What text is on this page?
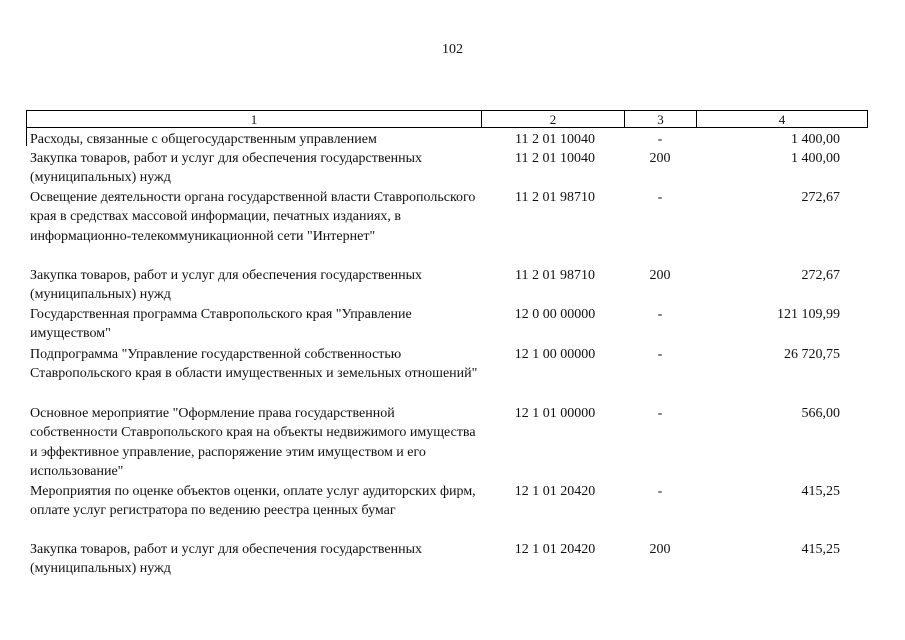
102
1	2	3	4
Расходы, связанные с общегосударственным управлением	11 2 01 10040	-	1 400,00
Закупка товаров, работ и услуг для обеспечения государственных (муниципальных) нужд
11 2 01 10040	200	1 400,00
Освещение деятельности органа государственной власти Ставропольского края в средствах массовой информации, печатных изданиях, в информационно-телекоммуникационной сети "Интернет"
11 2 01 98710	-	272,67
Закупка товаров, работ и услуг для обеспечения государственных (муниципальных) нужд
11 2 01 98710	200	272,67
Государственная программа Ставропольского края "Управление имуществом"
12 0 00 00000	-	121 109,99
Подпрограмма "Управление государственной собственностью Ставропольского края в области имущественных и земельных отношений"
12 1 00 00000	-	26 720,75
Основное мероприятие "Оформление права государственной собственности Ставропольского края на объекты недвижимого имущества и эффективное управление, распоряжение этим имуществом и его использование"
12 1 01 00000	-	566,00
Мероприятия по оценке объектов оценки, оплате услуг аудиторских фирм, оплате услуг регистратора по ведению реестра ценных бумаг
12 1 01 20420	-	415,25
Закупка товаров, работ и услуг для обеспечения государственных (муниципальных) нужд
12 1 01 20420	200	415,25
